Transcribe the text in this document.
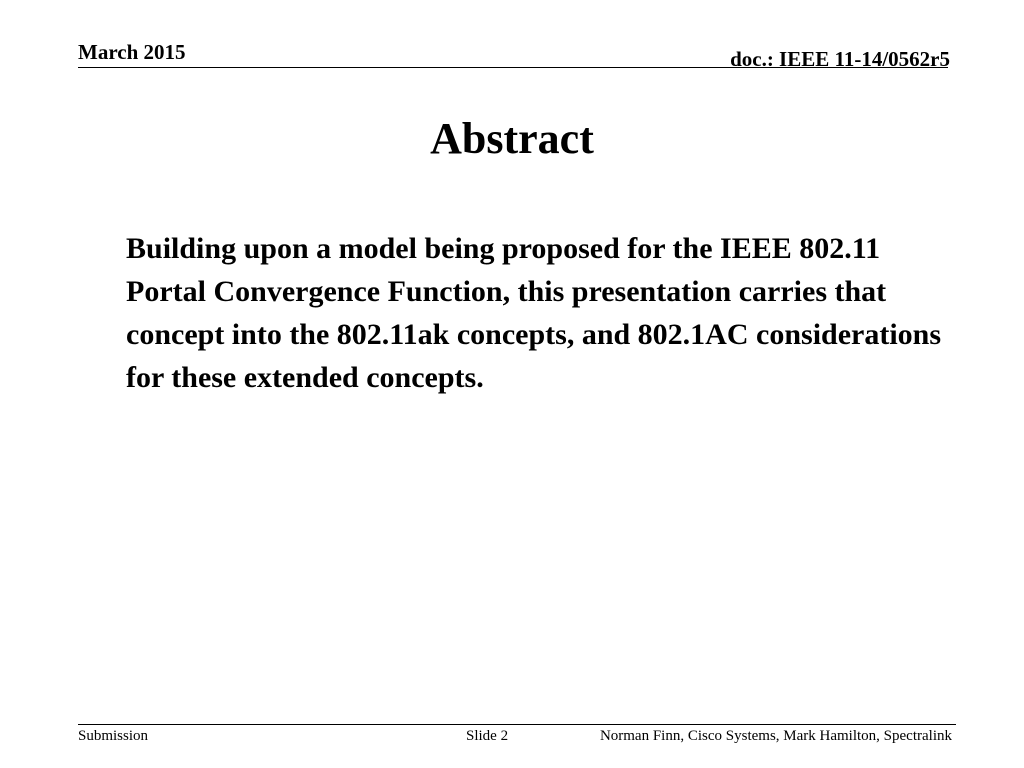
March 2015	doc.: IEEE 11-14/0562r5
Abstract

Building upon a model being proposed for the IEEE 802.11 Portal Convergence Function, this presentation carries that concept into the 802.11ak concepts, and 802.1AC considerations for these extended concepts.

Submission	Slide 2	Norman Finn, Cisco Systems, Mark Hamilton, Spectralink
